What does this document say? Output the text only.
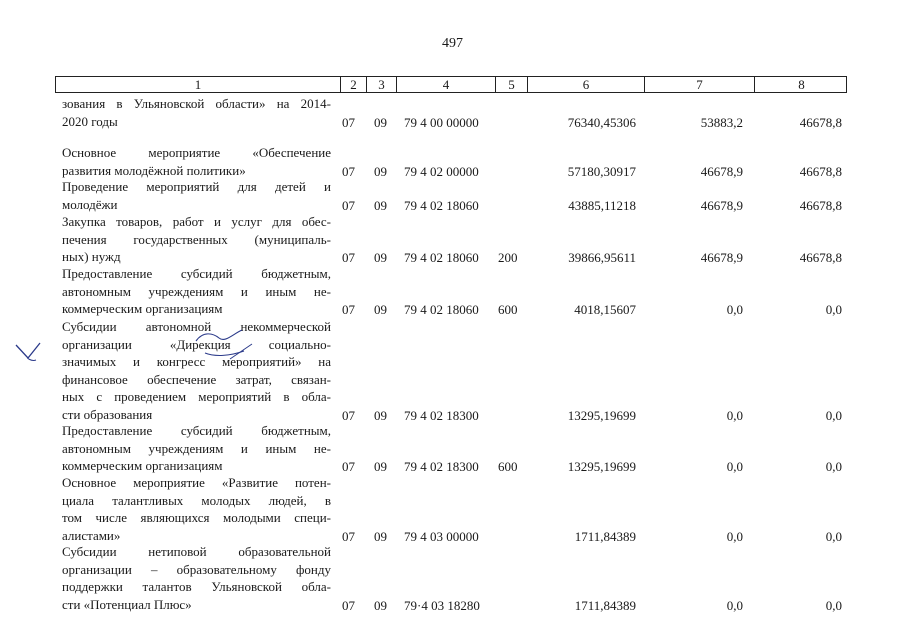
497
1	2	3	4	5	6	7	8
зования в Ульяновской области» на 2014-
2020 годы	07 09 79 4 00 00000	76340,45306	53883,2	46678,8
Основное мероприятие «Обеспечение
развития молодёжной политики»	07 09 79 4 02 00000	57180,30917	46678,9	46678,8
Проведение мероприятий для детей и
молодёжи	07 09 79 4 02 18060	43885,11218	46678,9	46678,8
Закупка товаров, работ и услуг для обес-
печения государственных (муниципаль-
ных) нужд	07 09 79 4 02 18060 200	39866,95611	46678,9	46678,8
Предоставление субсидий бюджетным,
автономным учреждениям и иным не-
коммерческим организациям	07 09 79 4 02 18060 600	4018,15607	0,0	0,0
Субсидии автономной некоммерческой
организации «Дирекция социально-
значимых и конгресс мероприятий» на
финансовое обеспечение затрат, связан-
ных с проведением мероприятий в обла-
сти образования	07 09 79 4 02 18300	13295,19699	0,0	0,0
Предоставление субсидий бюджетным,
автономным учреждениям и иным не-
коммерческим организациям	07 09 79 4 02 18300 600	13295,19699	0,0	0,0
Основное мероприятие «Развитие потен-
циала талантливых молодых людей, в
том числе являющихся молодыми специ-
алистами»	07 09 79 4 03 00000	1711,84389	0,0	0,0
Субсидии нетиповой образовательной
организации – образовательному фонду
поддержки талантов Ульяновской обла-
сти «Потенциал Плюс»	07 09 79·4 03 18280	1711,84389	0,0	0,0
